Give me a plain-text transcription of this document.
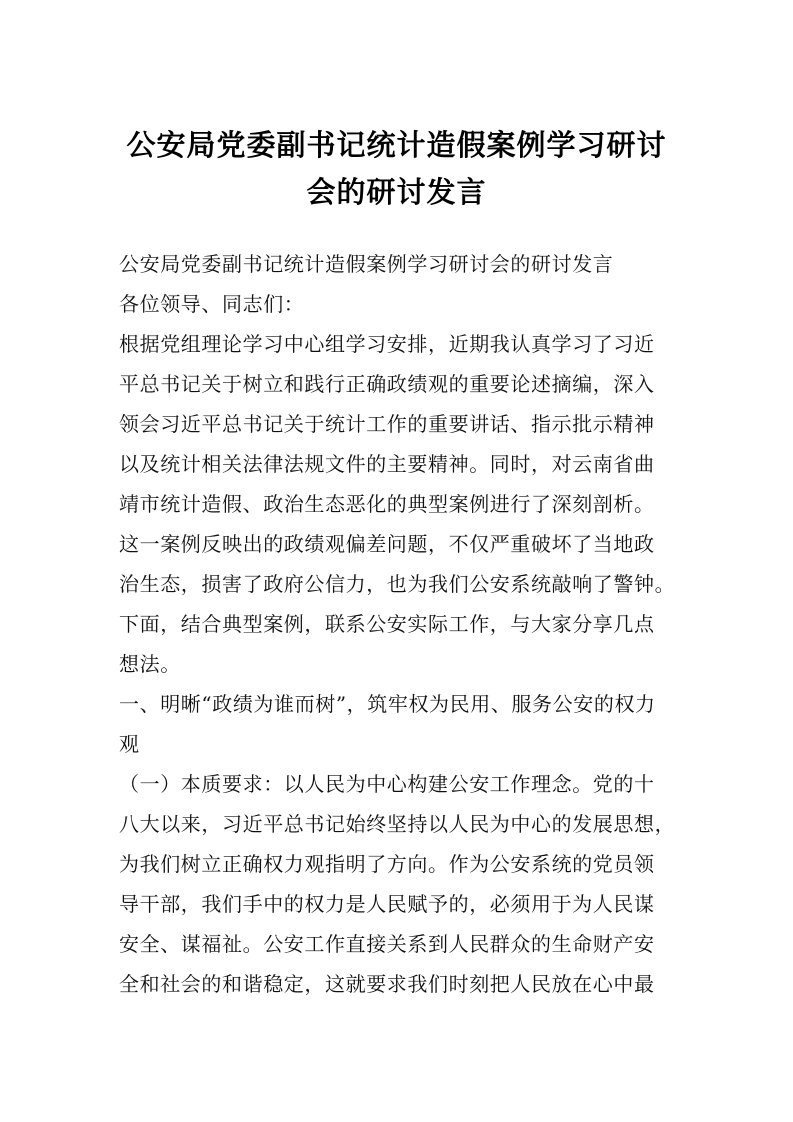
公安局党委副书记统计造假案例学习研讨
会的研讨发言
公安局党委副书记统计造假案例学习研讨会的研讨发言
各位领导、同志们：
根据党组理论学习中心组学习安排，近期我认真学习了习近
平总书记关于树立和践行正确政绩观的重要论述摘编，深入
领会习近平总书记关于统计工作的重要讲话、指示批示精神
以及统计相关法律法规文件的主要精神。同时，对云南省曲
靖市统计造假、政治生态恶化的典型案例进行了深刻剖析。
这一案例反映出的政绩观偏差问题，不仅严重破坏了当地政
治生态，损害了政府公信力，也为我们公安系统敲响了警钟。
下面，结合典型案例，联系公安实际工作，与大家分享几点
想法。
一、明晰“政绩为谁而树”，筑牢权为民用、服务公安的权力
观
（一）本质要求：以人民为中心构建公安工作理念。党的十
八大以来，习近平总书记始终坚持以人民为中心的发展思想，
为我们树立正确权力观指明了方向。作为公安系统的党员领
导干部，我们手中的权力是人民赋予的，必须用于为人民谋
安全、谋福祉。公安工作直接关系到人民群众的生命财产安
全和社会的和谐稳定，这就要求我们时刻把人民放在心中最
